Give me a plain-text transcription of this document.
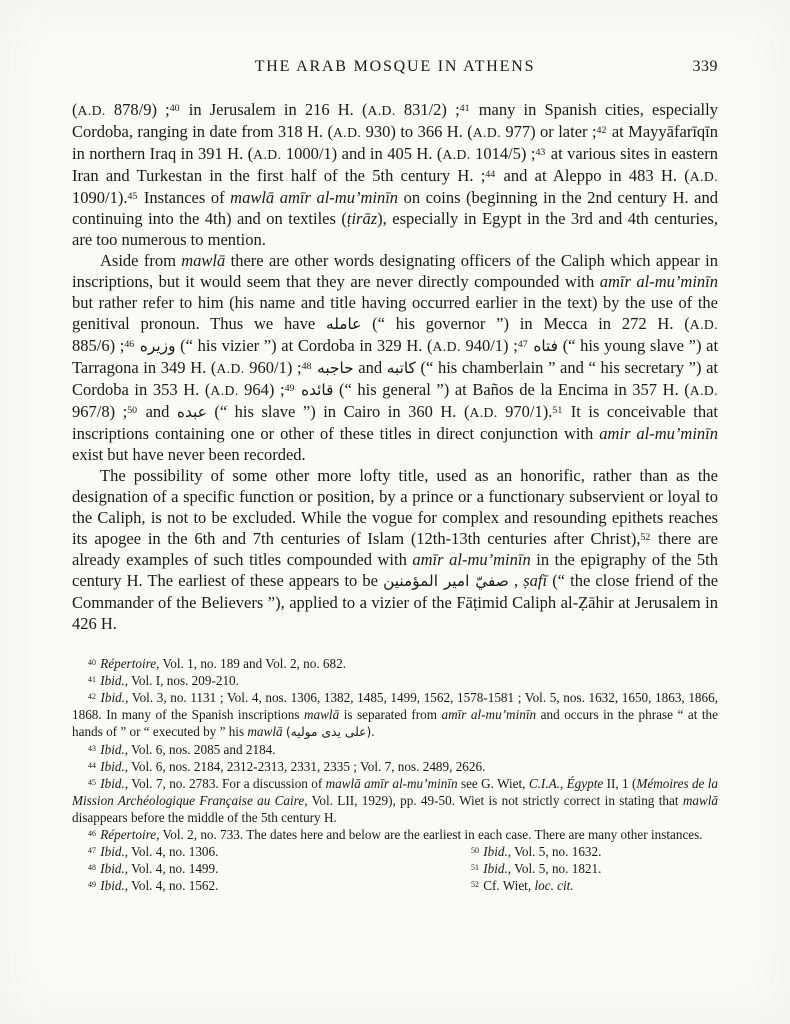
THE ARAB MOSQUE IN ATHENS	339

(A.D. 878/9) ;$^{40}$ in Jerusalem in 216 H. (A.D. 831/2) ;$^{41}$ many in Spanish cities, especially Cordoba, ranging in date from 318 H. (A.D. 930) to 366 H. (A.D. 977) or later ;$^{42}$ at Mayyāfarīqīn in northern Iraq in 391 H. (A.D. 1000/1) and in 405 H. (A.D. 1014/5) ;$^{43}$ at various sites in eastern Iran and Turkestan in the first half of the 5th century H. ;$^{44}$ and at Aleppo in 483 H. (A.D. 1090/1).$^{45}$ Instances of mawlā amīr al-mu’minīn on coins (beginning in the 2nd century H. and continuing into the 4th) and on textiles (ṭirāz), especially in Egypt in the 3rd and 4th centuries, are too numerous to mention.

Aside from mawlā there are other words designating officers of the Caliph which appear in inscriptions, but it would seem that they are never directly compounded with amīr al-mu’minīn but rather refer to him (his name and title having occurred earlier in the text) by the use of the genitival pronoun. Thus we have عامله (“ his governor ”) in Mecca in 272 H. (A.D. 885/6) ;$^{46}$ وزيره (“ his vizier ”) at Cordoba in 329 H. (A.D. 940/1) ;$^{47}$ فتاه (“ his young slave ”) at Tarragona in 349 H. (A.D. 960/1) ;$^{48}$ حاجبه and كاتبه (“ his chamberlain ” and “ his secretary ”) at Cordoba in 353 H. (A.D. 964) ;$^{49}$ قائده (“ his general ”) at Baños de la Encima in 357 H. (A.D. 967/8) ;$^{50}$ and عبده (“ his slave ”) in Cairo in 360 H. (A.D. 970/1).$^{51}$ It is conceivable that inscriptions containing one or other of these titles in direct conjunction with amir al-mu’minīn exist but have never been recorded.

The possibility of some other more lofty title, used as an honorific, rather than as the designation of a specific function or position, by a prince or a functionary subservient or loyal to the Caliph, is not to be excluded. While the vogue for complex and resounding epithets reaches its apogee in the 6th and 7th centuries of Islam (12th-13th centuries after Christ),$^{52}$ there are already examples of such titles compounded with amīr al-mu’minīn in the epigraphy of the 5th century H. The earliest of these appears to be صفيّ امير المؤمنين , ṣafī (“ the close friend of the Commander of the Believers ”), applied to a vizier of the Fāṭimid Caliph al-Ẓāhir at Jerusalem in 426 H.

$^{40}$ Répertoire, Vol. 1, no. 189 and Vol. 2, no. 682.

$^{41}$ Ibid., Vol. I, nos. 209-210.

$^{42}$ Ibid., Vol. 3, no. 1131 ; Vol. 4, nos. 1306, 1382, 1485, 1499, 1562, 1578-1581 ; Vol. 5, nos. 1632, 1650, 1863, 1866, 1868. In many of the Spanish inscriptions mawlā is separated from amīr al-mu’minīn and occurs in the phrase “ at the hands of ” or “ executed by ” his mawlā (على يدى موليه).

$^{43}$ Ibid., Vol. 6, nos. 2085 and 2184.

$^{44}$ Ibid., Vol. 6, nos. 2184, 2312-2313, 2331, 2335 ; Vol. 7, nos. 2489, 2626.

$^{45}$ Ibid., Vol. 7, no. 2783. For a discussion of mawlā amīr al-mu’minīn see G. Wiet, C.I.A., Égypte II, 1 (Mémoires de la Mission Archéologique Française au Caire, Vol. LII, 1929), pp. 49-50. Wiet is not strictly correct in stating that mawlā disappears before the middle of the 5th century H.

$^{46}$ Répertoire, Vol. 2, no. 733. The dates here and below are the earliest in each case. There are many other instances.

$^{47}$ Ibid., Vol. 4, no. 1306.

$^{48}$ Ibid., Vol. 4, no. 1499.

$^{49}$ Ibid., Vol. 4, no. 1562.

$^{50}$ Ibid., Vol. 5, no. 1632.

$^{51}$ Ibid., Vol. 5, no. 1821.

$^{52}$ Cf. Wiet, loc. cit.
